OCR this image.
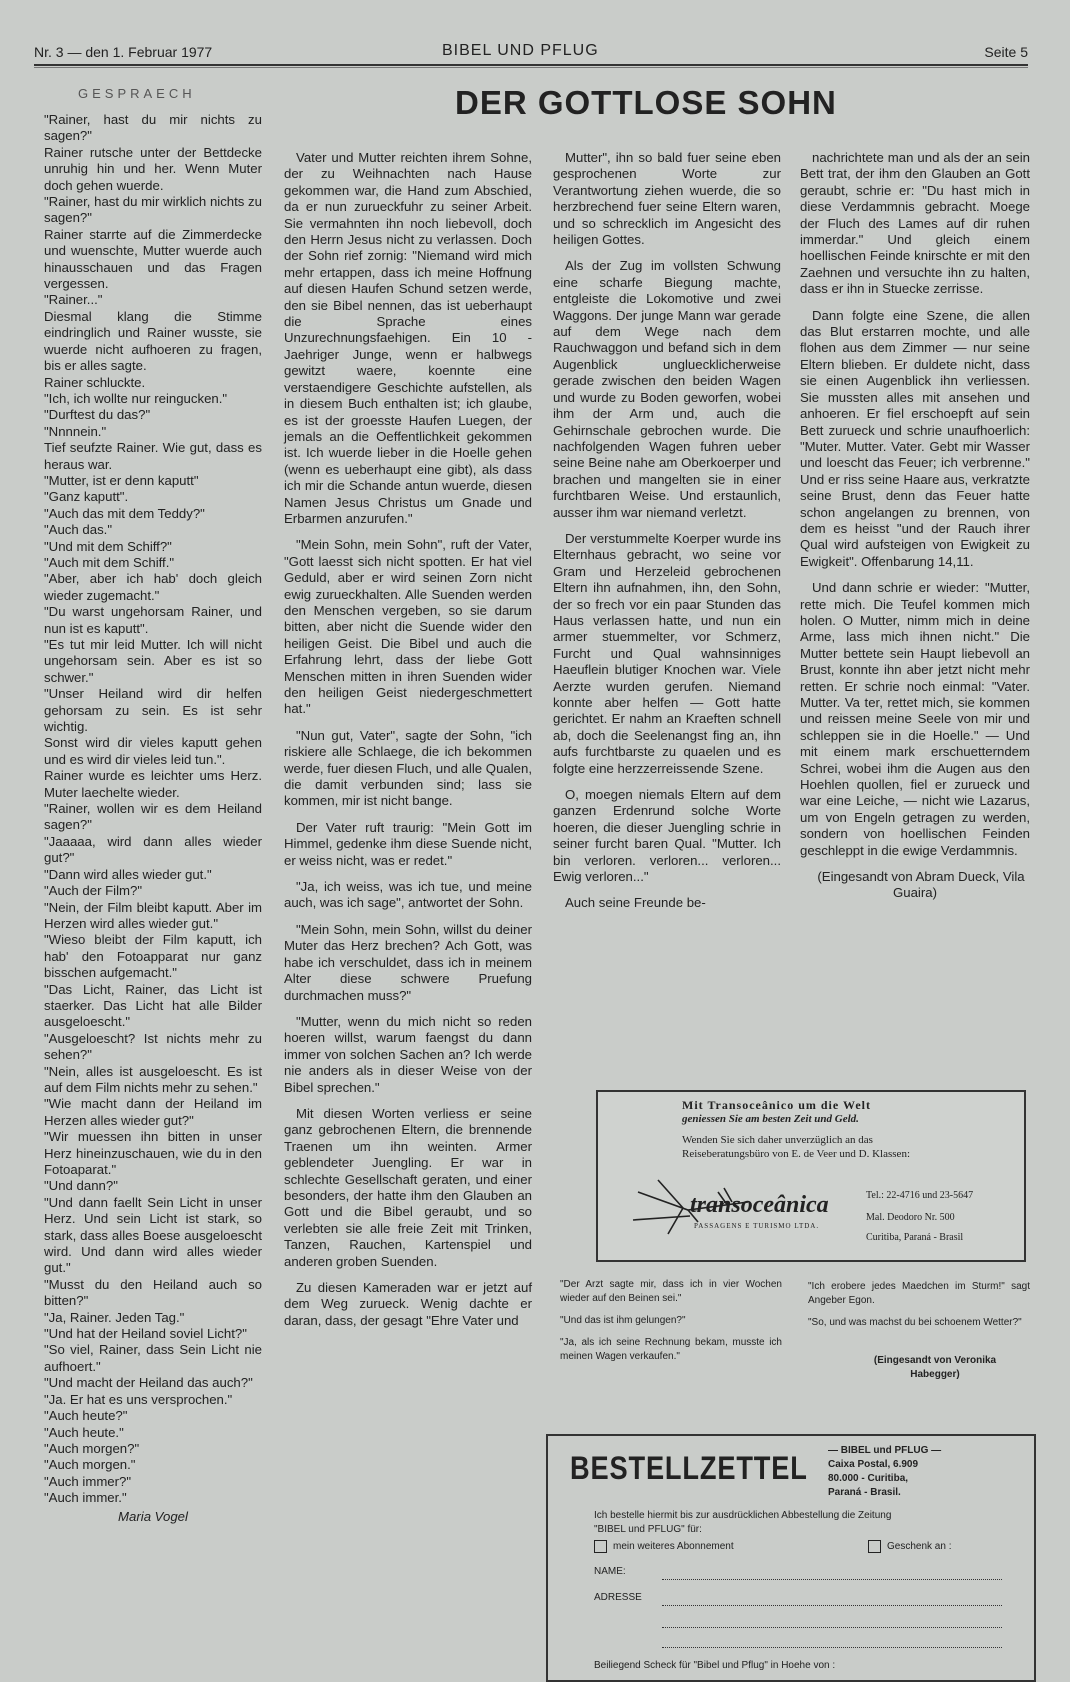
Nr. 3 — den 1. Februar 1977	BIBEL UND PFLUG	Seite 5
GESPRAECH	DER GOTTLOSE SOHN

"Rainer, hast du mir nichts zu sagen?"

Rainer rutsche unter der Bettdecke unruhig hin und her. Wenn Muter doch gehen wuerde.

"Rainer, hast du mir wirklich nichts zu sagen?"

Rainer starrte auf die Zimmerdecke und wuenschte, Mutter wuerde auch hinausschauen und das Fragen vergessen.

"Rainer..."

Diesmal klang die Stimme eindringlich und Rainer wusste, sie wuerde nicht aufhoeren zu fragen, bis er alles sagte.

Rainer schluckte.

"Ich, ich wollte nur reingucken."

"Durftest du das?"

"Nnnnein."

Tief seufzte Rainer. Wie gut, dass es heraus war.

"Mutter, ist er denn kaputt"

"Ganz kaputt".

"Auch das mit dem Teddy?"

"Auch das."

"Und mit dem Schiff?"

"Auch mit dem Schiff."

"Aber, aber ich hab' doch gleich wieder zugemacht."

"Du warst ungehorsam Rainer, und nun ist es kaputt".

"Es tut mir leid Mutter. Ich will nicht ungehorsam sein. Aber es ist so schwer."

"Unser Heiland wird dir helfen gehorsam zu sein. Es ist sehr wichtig.

Sonst wird dir vieles kaputt gehen und es wird dir vieles leid tun.".

Rainer wurde es leichter ums Herz. Muter laechelte wieder.

"Rainer, wollen wir es dem Heiland sagen?"

"Jaaaaa, wird dann alles wieder gut?"

"Dann wird alles wieder gut."

"Auch der Film?"

"Nein, der Film bleibt kaputt. Aber im Herzen wird alles wieder gut."

"Wieso bleibt der Film kaputt, ich hab' den Fotoapparat nur ganz bisschen aufgemacht."

"Das Licht, Rainer, das Licht ist staerker. Das Licht hat alle Bilder ausgeloescht."

"Ausgeloescht? Ist nichts mehr zu sehen?"

"Nein, alles ist ausgeloescht. Es ist auf dem Film nichts mehr zu sehen."

"Wie macht dann der Heiland im Herzen alles wieder gut?"

"Wir muessen ihn bitten in unser Herz hineinzuschauen, wie du in den Fotoaparat."

"Und dann?"

"Und dann faellt Sein Licht in unser Herz. Und sein Licht ist stark, so stark, dass alles Boese ausgeloescht wird. Und dann wird alles wieder gut."

"Musst du den Heiland auch so bitten?"

"Ja, Rainer. Jeden Tag."

"Und hat der Heiland soviel Licht?"

"So viel, Rainer, dass Sein Licht nie aufhoert."

"Und macht der Heiland das auch?"

"Ja. Er hat es uns versprochen."

"Auch heute?"

"Auch heute."

"Auch morgen?"

"Auch morgen."

"Auch immer?"

"Auch immer."

Maria Vogel

Vater und Mutter reichten ihrem Sohne, der zu Weihnachten nach Hause gekommen war, die Hand zum Abschied, da er nun zurueckfuhr zu seiner Arbeit. Sie vermahnten ihn noch liebevoll, doch den Herrn Jesus nicht zu verlassen. Doch der Sohn rief zornig: "Niemand wird mich mehr ertappen, dass ich meine Hoffnung auf diesen Haufen Schund setzen werde, den sie Bibel nennen, das ist ueberhaupt die Sprache eines Unzurechnungsfaehigen. Ein 10 - Jaehriger Junge, wenn er halbwegs gewitzt waere, koennte eine verstaendigere Geschichte aufstellen, als in diesem Buch enthalten ist; ich glaube, es ist der groesste Haufen Luegen, der jemals an die Oeffentlichkeit gekommen ist. Ich wuerde lieber in die Hoelle gehen (wenn es ueberhaupt eine gibt), als dass ich mir die Schande antun wuerde, diesen Namen Jesus Christus um Gnade und Erbarmen anzurufen."

"Mein Sohn, mein Sohn", ruft der Vater, "Gott laesst sich nicht spotten. Er hat viel Geduld, aber er wird seinen Zorn nicht ewig zurueckhalten. Alle Suenden werden den Menschen vergeben, so sie darum bitten, aber nicht die Suende wider den heiligen Geist. Die Bibel und auch die Erfahrung lehrt, dass der liebe Gott Menschen mitten in ihren Suenden wider den heiligen Geist niedergeschmettert hat."

"Nun gut, Vater", sagte der Sohn, "ich riskiere alle Schlaege, die ich bekommen werde, fuer diesen Fluch, und alle Qualen, die damit verbunden sind; lass sie kommen, mir ist nicht bange.

Der Vater ruft traurig: "Mein Gott im Himmel, gedenke ihm diese Suende nicht, er weiss nicht, was er redet."

"Ja, ich weiss, was ich tue, und meine auch, was ich sage", antwortet der Sohn.

"Mein Sohn, mein Sohn, willst du deiner Muter das Herz brechen? Ach Gott, was habe ich verschuldet, dass ich in meinem Alter diese schwere Pruefung durchmachen muss?"

"Mutter, wenn du mich nicht so reden hoeren willst, warum faengst du dann immer von solchen Sachen an? Ich werde nie anders als in dieser Weise von der Bibel sprechen."

Mit diesen Worten verliess er seine ganz gebrochenen Eltern, die brennende Traenen um ihn weinten. Armer geblendeter Juengling. Er war in schlechte Gesellschaft geraten, und einer besonders, der hatte ihm den Glauben an Gott und die Bibel geraubt, und so verlebten sie alle freie Zeit mit Trinken, Tanzen, Rauchen, Kartenspiel und anderen groben Suenden.

Zu diesen Kameraden war er jetzt auf dem Weg zurueck. Wenig dachte er daran, dass, der gesagt "Ehre Vater und

Mutter", ihn so bald fuer seine eben gesprochenen Worte zur Verantwortung ziehen wuerde, die so herzbrechend fuer seine Eltern waren, und so schrecklich im Angesicht des heiligen Gottes.

Als der Zug im vollsten Schwung eine scharfe Biegung machte, entgleiste die Lokomotive und zwei Waggons. Der junge Mann war gerade auf dem Wege nach dem Rauchwaggon und befand sich in dem Augenblick ungluecklicherweise gerade zwischen den beiden Wagen und wurde zu Boden geworfen, wobei ihm der Arm und, auch die Gehirnschale gebrochen wurde. Die nachfolgenden Wagen fuhren ueber seine Beine nahe am Oberkoerper und brachen und mangelten sie in einer furchtbaren Weise. Und erstaunlich, ausser ihm war niemand verletzt.

Der verstummelte Koerper wurde ins Elternhaus gebracht, wo seine vor Gram und Herzeleid gebrochenen Eltern ihn aufnahmen, ihn, den Sohn, der so frech vor ein paar Stunden das Haus verlassen hatte, und nun ein armer stuemmelter, vor Schmerz, Furcht und Qual wahnsinniges Haeuflein blutiger Knochen war. Viele Aerzte wurden gerufen. Niemand konnte aber helfen — Gott hatte gerichtet. Er nahm an Kraeften schnell ab, doch die Seelenangst fing an, ihn aufs furchtbarste zu quaelen und es folgte eine herzzerreissende Szene.

O, moegen niemals Eltern auf dem ganzen Erdenrund solche Worte hoeren, die dieser Juengling schrie in seiner furcht baren Qual. "Mutter. Ich bin verloren. verloren... verloren... Ewig verloren..."

Auch seine Freunde be-

nachrichtete man und als der an sein Bett trat, der ihm den Glauben an Gott geraubt, schrie er: "Du hast mich in diese Verdammnis gebracht. Moege der Fluch des Lames auf dir ruhen immerdar." Und gleich einem hoellischen Feinde knirschte er mit den Zaehnen und versuchte ihn zu halten, dass er ihn in Stuecke zerrisse.

Dann folgte eine Szene, die allen das Blut erstarren mochte, und alle flohen aus dem Zimmer — nur seine Eltern blieben. Er duldete nicht, dass sie einen Augenblick ihn verliessen. Sie mussten alles mit ansehen und anhoeren. Er fiel erschoepft auf sein Bett zurueck und schrie unaufhoerlich: "Muter. Mutter. Vater. Gebt mir Wasser und loescht das Feuer; ich verbrenne." Und er riss seine Haare aus, verkratzte seine Brust, denn das Feuer hatte schon angelangen zu brennen, von dem es heisst "und der Rauch ihrer Qual wird aufsteigen von Ewigkeit zu Ewigkeit". Offenbarung 14,11.

Und dann schrie er wieder: "Mutter, rette mich. Die Teufel kommen mich holen. O Mutter, nimm mich in deine Arme, lass mich ihnen nicht." Die Mutter bettete sein Haupt liebevoll an Brust, konnte ihn aber jetzt nicht mehr retten. Er schrie noch einmal: "Vater. Mutter. Va ter, rettet mich, sie kommen und reissen meine Seele von mir und schleppen sie in die Hoelle." — Und mit einem mark erschuetterndem Schrei, wobei ihm die Augen aus den Hoehlen quollen, fiel er zurueck und war eine Leiche, — nicht wie Lazarus, um von Engeln getragen zu werden, sondern von hoellischen Feinden geschleppt in die ewige Verdammnis.

(Eingesandt von Abram Dueck, Vila Guaira)

Mit Transoceânico um die Welt
geniessen Sie am besten Zeit und Geld.
Wenden Sie sich daher unverzüglich an das
Reiseberatungsbüro von E. de Veer und D. Klassen:
transoceânica
PASSAGENS E TURISMO LTDA.
Tel.: 22-4716 und 23-5647
Mal. Deodoro Nr. 500
Curitiba, Paraná - Brasil

"Der Arzt sagte mir, dass ich in vier Wochen wieder auf den Beinen sei."

"Und das ist ihm gelungen?"

"Ja, als ich seine Rechnung bekam, musste ich meinen Wagen verkaufen."

"Ich erobere jedes Maedchen im Sturm!" sagt Angeber Egon.

"So, und was machst du bei schoenem Wetter?"

(Eingesandt von Veronika Habegger)
BESTELLZETTEL — BIBEL und PFLUG —
Caixa Postal, 6.909
80.000 - Curitiba,
Paraná - Brasil.
Ich bestelle hiermit bis zur ausdrücklichen Abbestellung die Zeitung
"BIBEL und PFLUG" für:
mein weiteres Abonnement	Geschenk an :
NAME:
ADRESSE
Beiliegend Scheck für "Bibel und Pflug" in Hoehe von :
